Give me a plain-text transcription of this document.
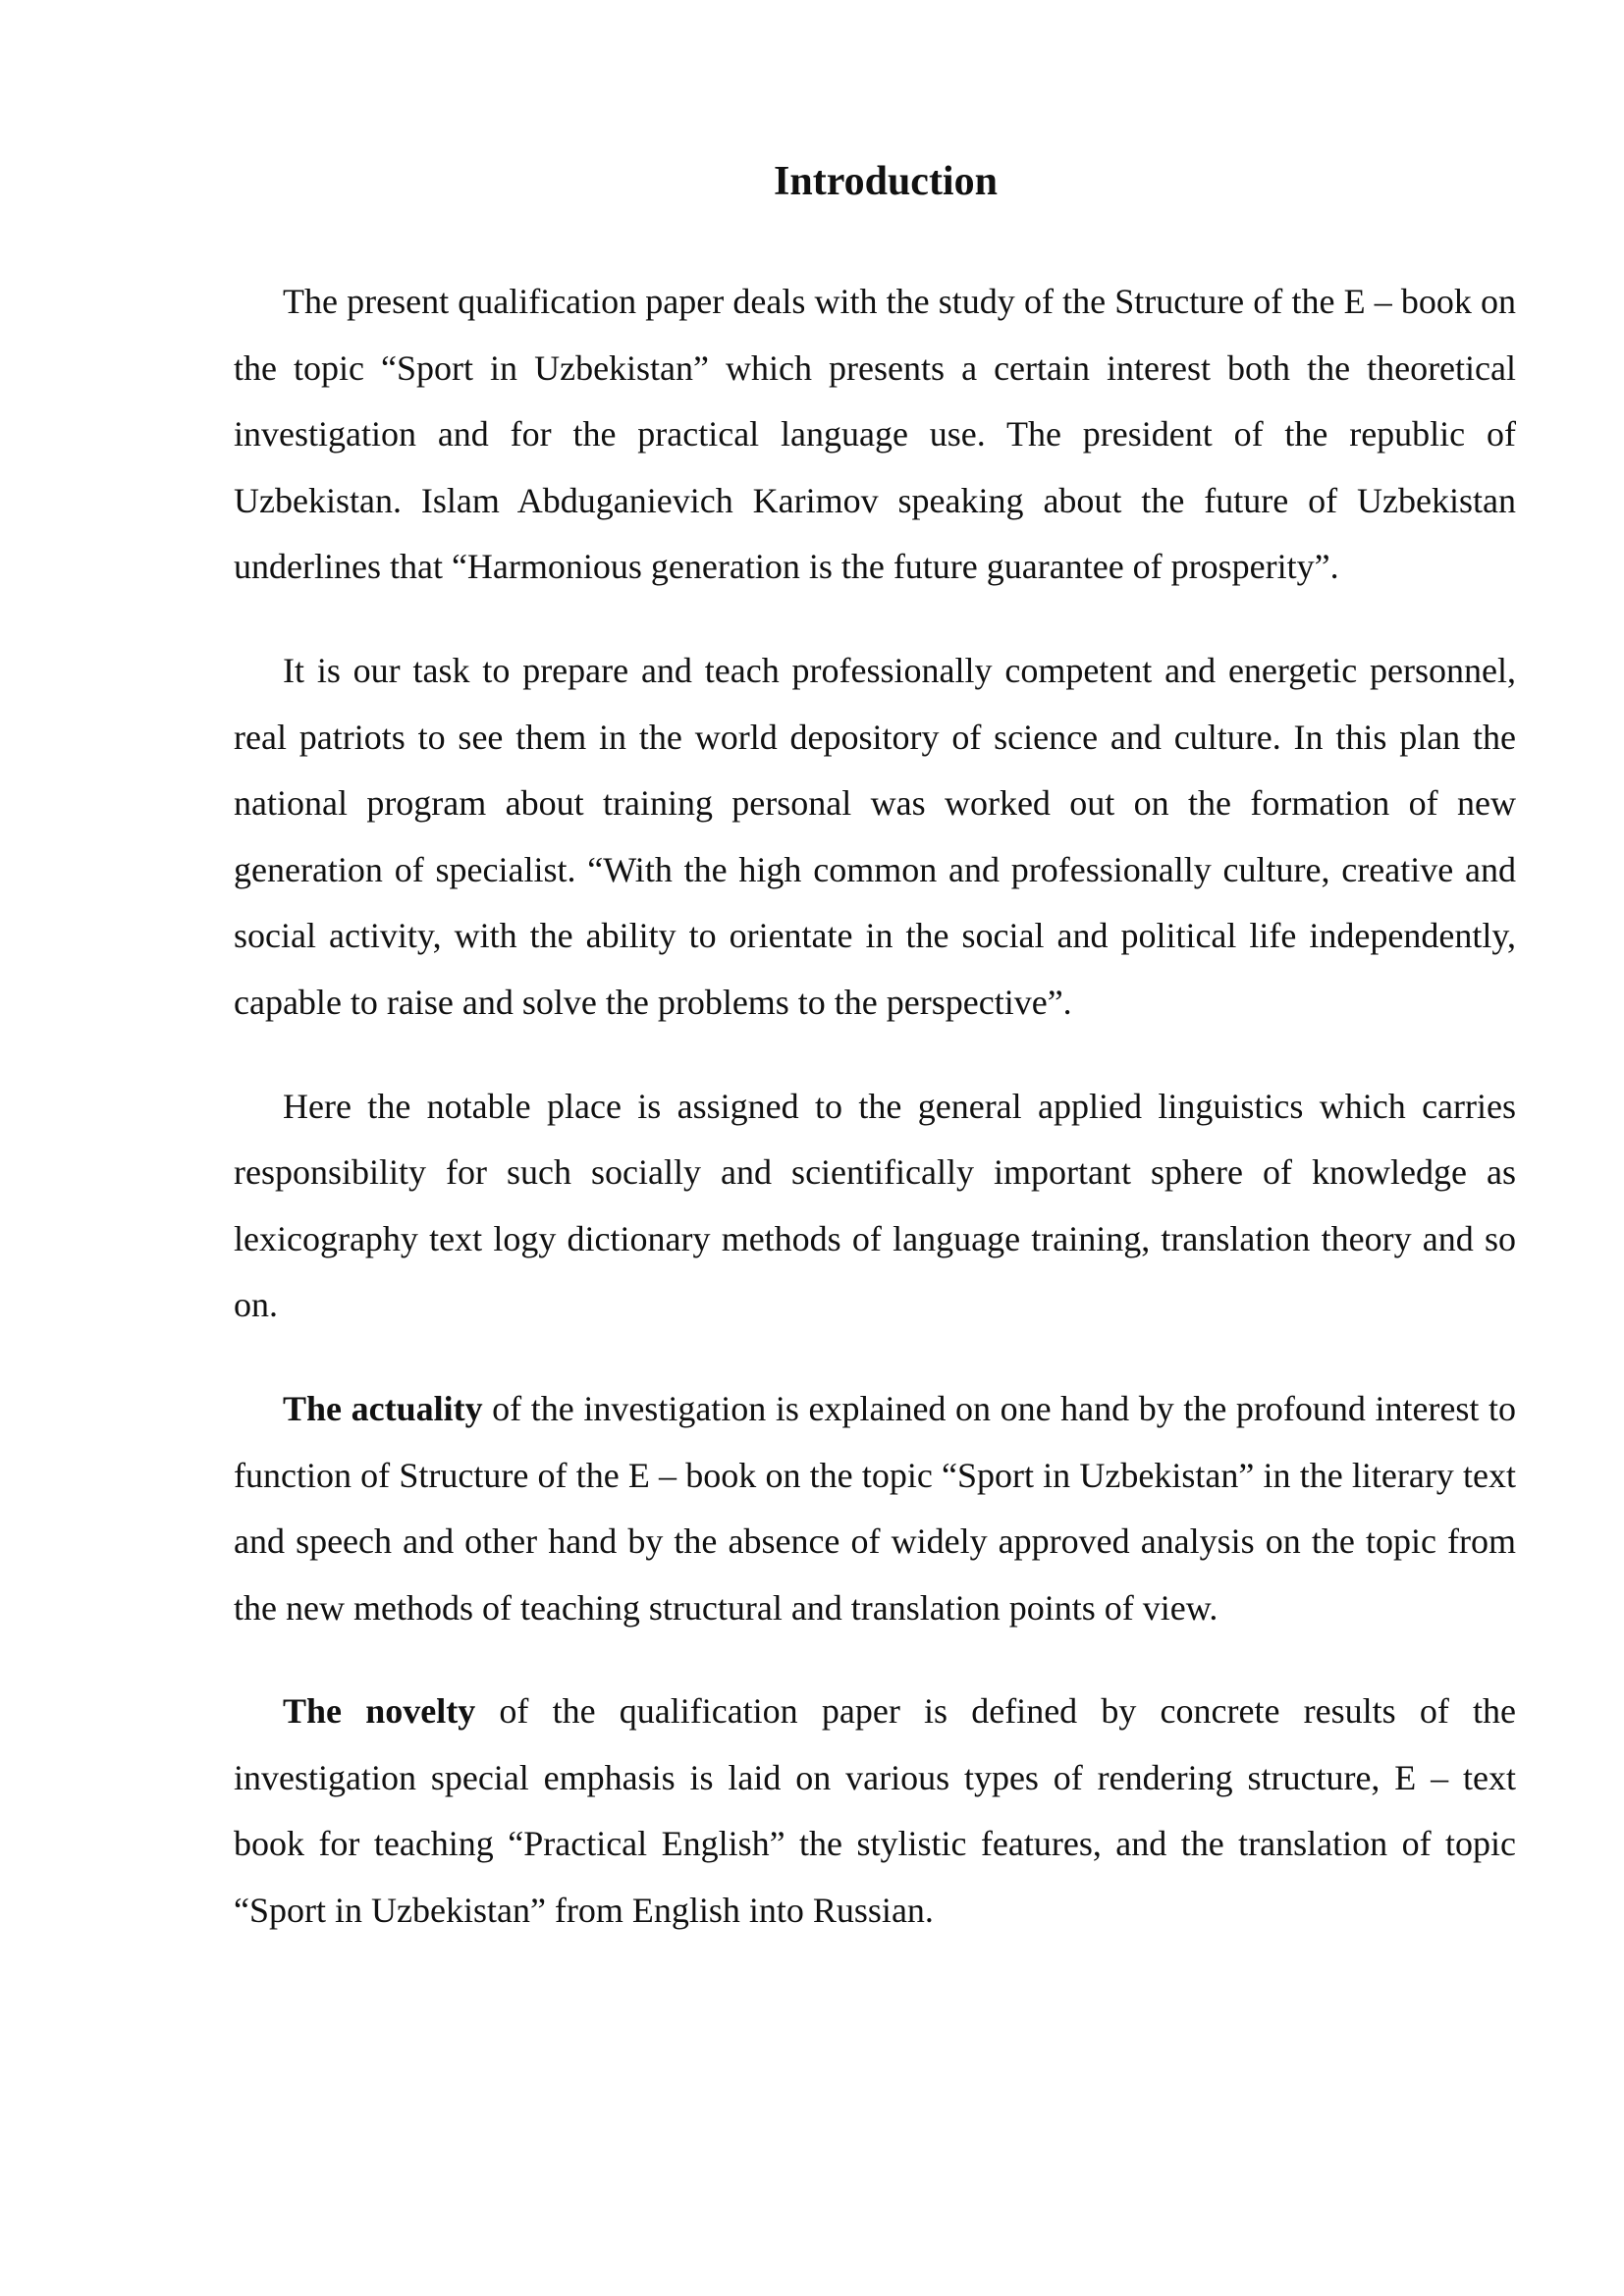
Introduction

The present qualification paper deals with the study of the Structure of the E – book on the topic “Sport in Uzbekistan” which presents a certain interest both the theoretical investigation and for the practical language use. The president of the republic of Uzbekistan. Islam Abduganievich Karimov speaking about the future of Uzbekistan underlines that “Harmonious generation is the future guarantee of prosperity”.

It is our task to prepare and teach professionally competent and energetic personnel, real patriots to see them in the world depository of science and culture. In this plan the national program about training personal was worked out on the formation of new generation of specialist. “With the high common and professionally culture, creative and social activity, with the ability to orientate in the social and political life independently, capable to raise and solve the problems to the perspective”.

Here the notable place is assigned to the general applied linguistics which carries responsibility for such socially and scientifically important sphere of knowledge as lexicography text logy dictionary methods of language training, translation theory and so on.

The actuality of the investigation is explained on one hand by the profound interest to function of Structure of the E – book on the topic “Sport in Uzbekistan” in the literary text and speech and other hand by the absence of widely approved analysis on the topic from the new methods of teaching structural and translation points of view.

The novelty of the qualification paper is defined by concrete results of the investigation special emphasis is laid on various types of rendering structure, E – text book for teaching “Practical English” the stylistic features, and the translation of topic “Sport in Uzbekistan” from English into Russian.
